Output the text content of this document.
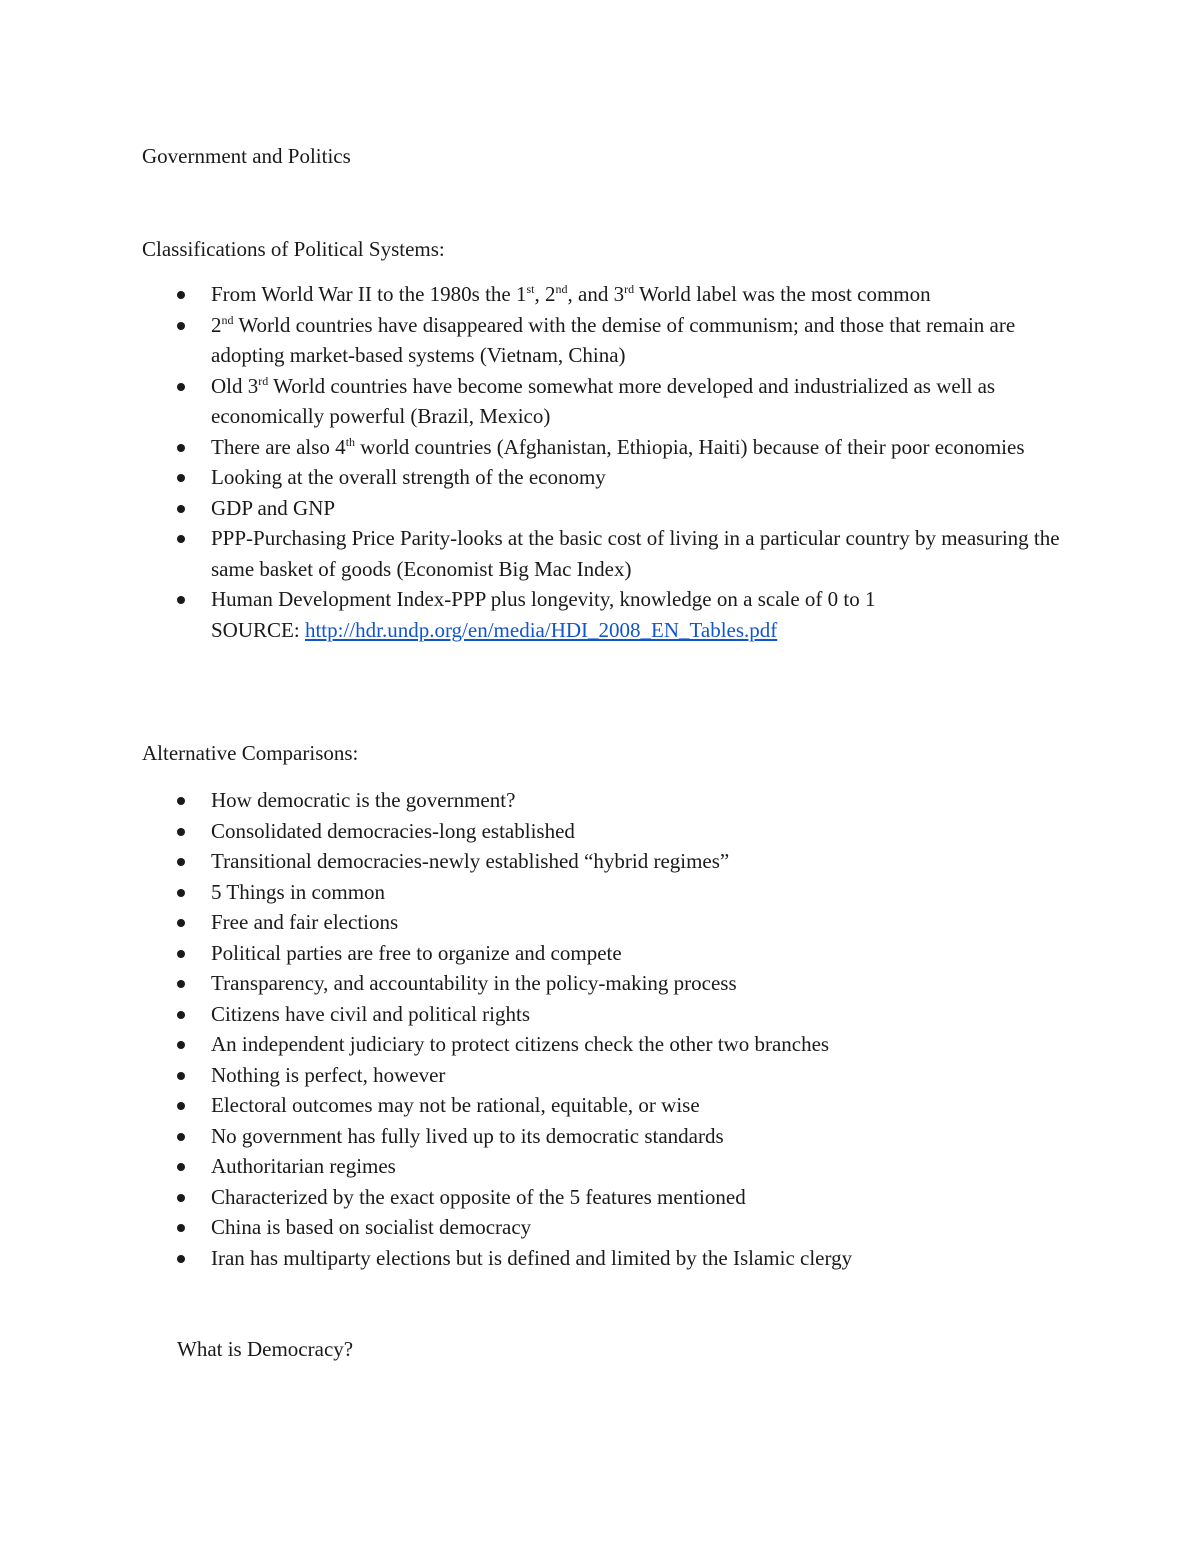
Government and Politics
Classifications of Political Systems:
From World War II to the 1980s the 1st, 2nd, and 3rd World label was the most common
2nd World countries have disappeared with the demise of communism; and those that remain are adopting market-based systems (Vietnam, China)
Old 3rd World countries have become somewhat more developed and industrialized as well as economically powerful (Brazil, Mexico)
There are also 4th world countries (Afghanistan, Ethiopia, Haiti) because of their poor economies
Looking at the overall strength of the economy
GDP and GNP
PPP-Purchasing Price Parity-looks at the basic cost of living in a particular country by measuring the same basket of goods (Economist Big Mac Index)
Human Development Index-PPP plus longevity, knowledge on a scale of 0 to 1
SOURCE: http://hdr.undp.org/en/media/HDI_2008_EN_Tables.pdf
Alternative Comparisons:
How democratic is the government?
Consolidated democracies-long established
Transitional democracies-newly established “hybrid regimes”
5 Things in common
Free and fair elections
Political parties are free to organize and compete
Transparency, and accountability in the policy-making process
Citizens have civil and political rights
An independent judiciary to protect citizens check the other two branches
Nothing is perfect, however
Electoral outcomes may not be rational, equitable, or wise
No government has fully lived up to its democratic standards
Authoritarian regimes
Characterized by the exact opposite of the 5 features mentioned
China is based on socialist democracy
Iran has multiparty elections but is defined and limited by the Islamic clergy
What is Democracy?
